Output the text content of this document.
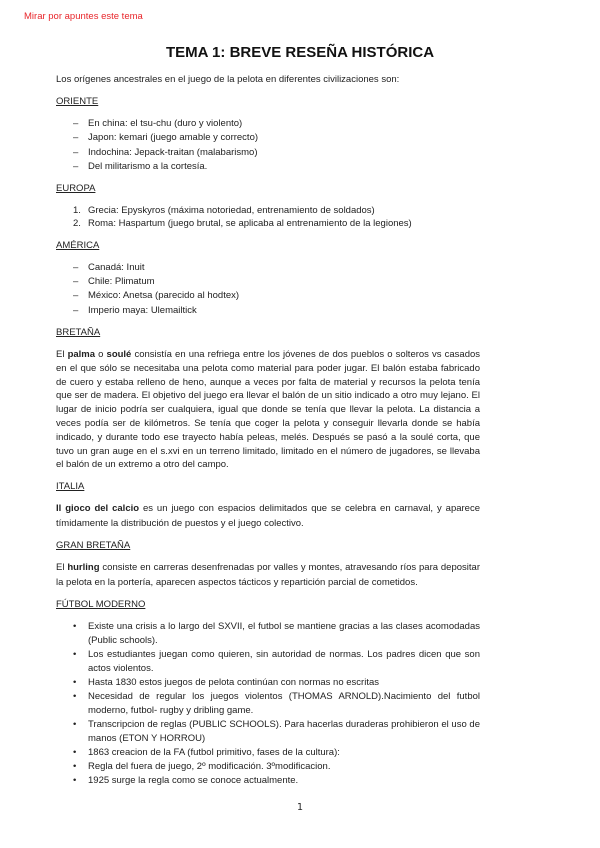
Mirar por apuntes este tema
TEMA 1: BREVE RESEÑA HISTÓRICA
Los orígenes ancestrales en el juego de la pelota en diferentes civilizaciones son:
ORIENTE
– En china: el tsu-chu (duro y violento)
– Japon: kemari (juego amable y correcto)
– Indochina: Jepack-traitan (malabarismo)
– Del militarismo a la cortesía.
EUROPA
1. Grecia: Epyskyros (máxima notoriedad, entrenamiento de soldados)
2. Roma: Haspartum (juego brutal, se aplicaba al entrenamiento de la legiones)
AMÉRICA
– Canadá: Inuit
– Chile: Plimatum
– México: Anetsa (parecido al hodtex)
– Imperio maya: Ulemailtick
BRETAÑA

El palma o soulé consistía en una refriega entre los jóvenes de dos pueblos o solteros vs casados en el que sólo se necesitaba una pelota como material para poder jugar. El balón estaba fabricado de cuero y estaba relleno de heno, aunque a veces por falta de material y recursos la pelota tenía que ser de madera. El objetivo del juego era llevar el balón de un sitio indicado a otro muy lejano. El lugar de inicio podría ser cualquiera, igual que donde se tenía que llevar la pelota. La distancia a veces podía ser de kilómetros. Se tenía que coger la pelota y conseguir llevarla donde se había indicado, y durante todo ese trayecto había peleas, melés. Después se pasó a la soulé corta, que tuvo un gran auge en el s.xvi en un terreno limitado, limitado en el número de jugadores, se llevaba el balón de un extremo a otro del campo.

ITALIA

Il gioco del calcio es un juego con espacios delimitados que se celebra en carnaval, y aparece tímidamente la distribución de puestos y el juego colectivo.

GRAN BRETAÑA

El hurling consiste en carreras desenfrenadas por valles y montes, atravesando ríos para depositar la pelota en la portería, aparecen aspectos tácticos y repartición parcial de cometidos.

FÚTBOL MODERNO
• Existe una crisis a lo largo del SXVII, el futbol se mantiene gracias a las clases acomodadas (Public schools).
• Los estudiantes juegan como quieren, sin autoridad de normas. Los padres dicen que son actos violentos.
• Hasta 1830 estos juegos de pelota continúan con normas no escritas
• Necesidad de regular los juegos violentos (THOMAS ARNOLD).Nacimiento del futbol moderno, futbol- rugby y dribling game.
• Transcripcion de reglas (PUBLIC SCHOOLS). Para hacerlas duraderas prohibieron el uso de manos (ETON Y HORROU)
• 1863 creacion de la FA (futbol primitivo, fases de la cultura):
• Regla del fuera de juego, 2º modificación. 3ºmodificacion.
• 1925 surge la regla como se conoce actualmente.
1
